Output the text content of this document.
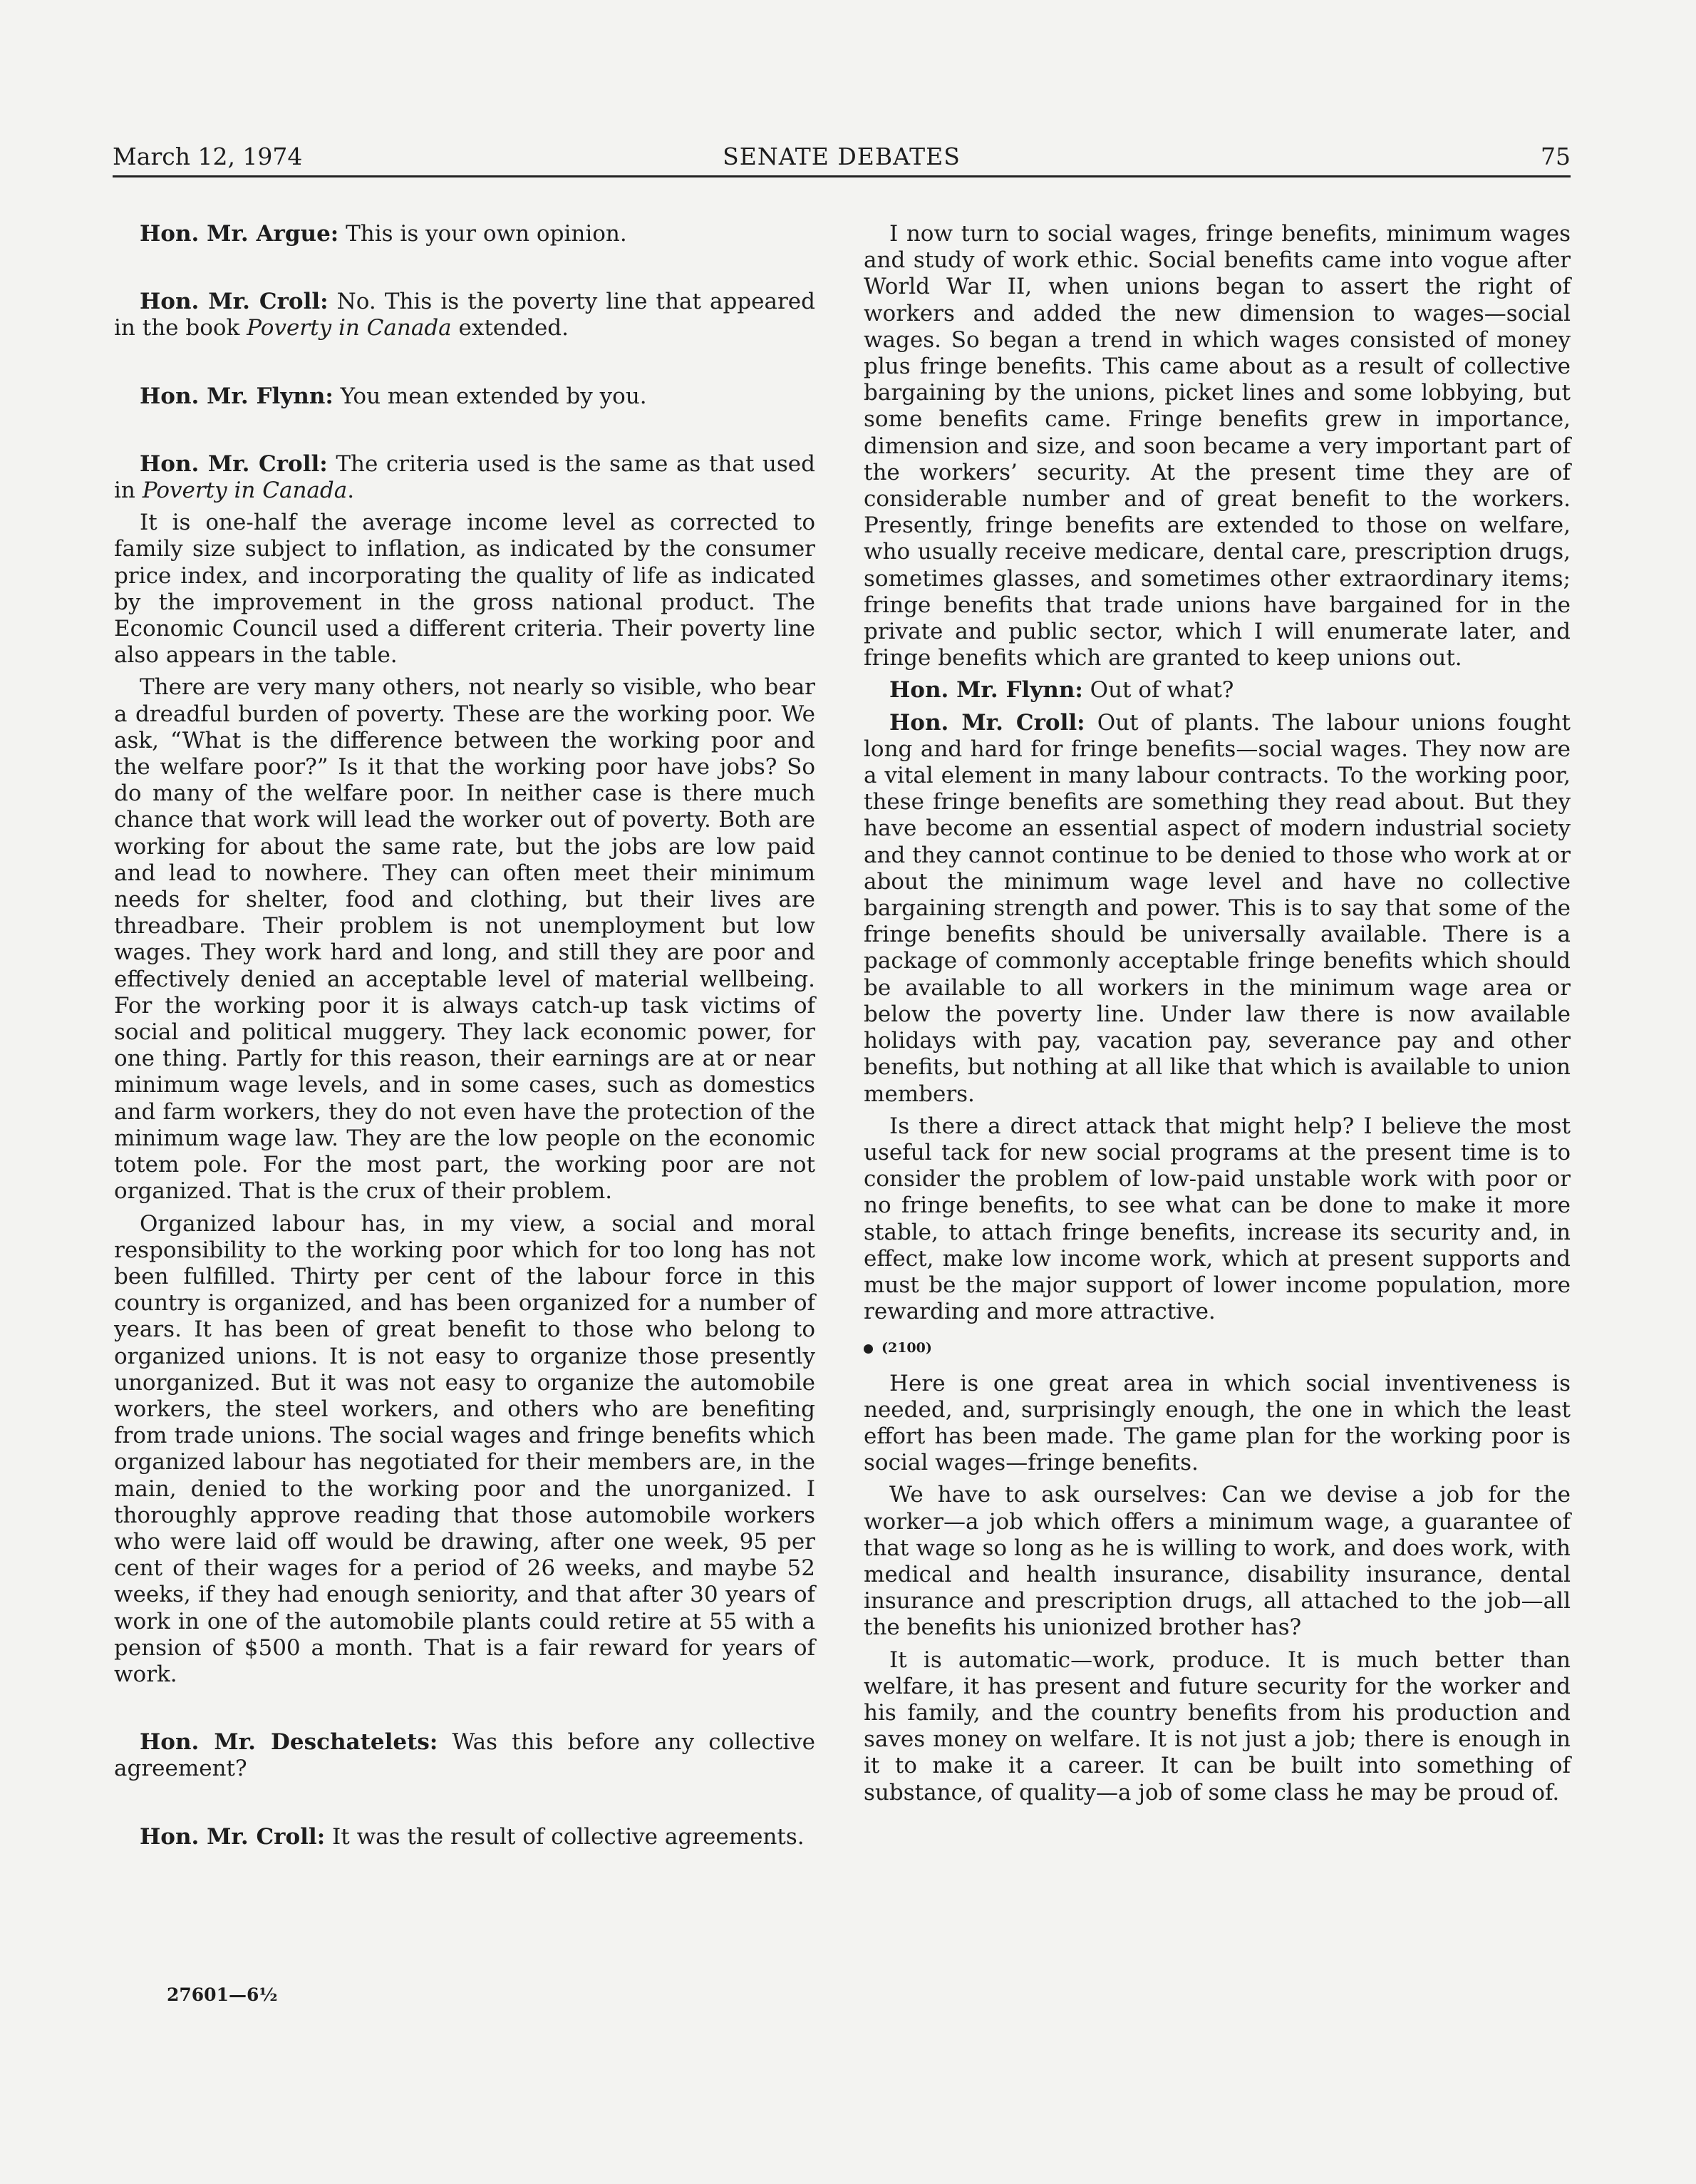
March 12, 1974	SENATE DEBATES	75

Hon. Mr. Argue: This is your own opinion.

Hon. Mr. Croll: No. This is the poverty line that appeared in the book Poverty in Canada extended.

Hon. Mr. Flynn: You mean extended by you.

Hon. Mr. Croll: The criteria used is the same as that used in Poverty in Canada.

It is one-half the average income level as corrected to family size subject to inflation, as indicated by the consumer price index, and incorporating the quality of life as indicated by the improvement in the gross national product. The Economic Council used a different criteria. Their poverty line also appears in the table.

There are very many others, not nearly so visible, who bear a dreadful burden of poverty. These are the working poor. We ask, “What is the difference between the working poor and the welfare poor?” Is it that the working poor have jobs? So do many of the welfare poor. In neither case is there much chance that work will lead the worker out of poverty. Both are working for about the same rate, but the jobs are low paid and lead to nowhere. They can often meet their minimum needs for shelter, food and clothing, but their lives are threadbare. Their problem is not unemployment but low wages. They work hard and long, and still they are poor and effectively denied an acceptable level of material wellbeing. For the working poor it is always catch-up task victims of social and political muggery. They lack economic power, for one thing. Partly for this reason, their earnings are at or near minimum wage levels, and in some cases, such as domestics and farm workers, they do not even have the protection of the minimum wage law. They are the low people on the economic totem pole. For the most part, the working poor are not organized. That is the crux of their problem.

Organized labour has, in my view, a social and moral responsibility to the working poor which for too long has not been fulfilled. Thirty per cent of the labour force in this country is organized, and has been organized for a number of years. It has been of great benefit to those who belong to organized unions. It is not easy to organize those presently unorganized. But it was not easy to organize the automobile workers, the steel workers, and others who are benefiting from trade unions. The social wages and fringe benefits which organized labour has negotiated for their members are, in the main, denied to the working poor and the unorganized. I thoroughly approve reading that those automobile workers who were laid off would be drawing, after one week, 95 per cent of their wages for a period of 26 weeks, and maybe 52 weeks, if they had enough seniority, and that after 30 years of work in one of the automobile plants could retire at 55 with a pension of $500 a month. That is a fair reward for years of work.

Hon. Mr. Deschatelets: Was this before any collective agreement?

Hon. Mr. Croll: It was the result of collective agreements.

I now turn to social wages, fringe benefits, minimum wages and study of work ethic. Social benefits came into vogue after World War II, when unions began to assert the right of workers and added the new dimension to wages—social wages. So began a trend in which wages consisted of money plus fringe benefits. This came about as a result of collective bargaining by the unions, picket lines and some lobbying, but some benefits came. Fringe benefits grew in importance, dimension and size, and soon became a very important part of the workers’ security. At the present time they are of considerable number and of great benefit to the workers. Presently, fringe benefits are extended to those on welfare, who usually receive medicare, dental care, prescription drugs, sometimes glasses, and sometimes other extraordinary items; fringe benefits that trade unions have bargained for in the private and public sector, which I will enumerate later, and fringe benefits which are granted to keep unions out.

Hon. Mr. Flynn: Out of what?

Hon. Mr. Croll: Out of plants. The labour unions fought long and hard for fringe benefits—social wages. They now are a vital element in many labour contracts. To the working poor, these fringe benefits are something they read about. But they have become an essential aspect of modern industrial society and they cannot continue to be denied to those who work at or about the minimum wage level and have no collective bargaining strength and power. This is to say that some of the fringe benefits should be universally available. There is a package of commonly acceptable fringe benefits which should be available to all workers in the minimum wage area or below the poverty line. Under law there is now available holidays with pay, vacation pay, severance pay and other benefits, but nothing at all like that which is available to union members.

Is there a direct attack that might help? I believe the most useful tack for new social programs at the present time is to consider the problem of low-paid unstable work with poor or no fringe benefits, to see what can be done to make it more stable, to attach fringe benefits, increase its security and, in effect, make low income work, which at present supports and must be the major support of lower income population, more rewarding and more attractive.

(2100)

Here is one great area in which social inventiveness is needed, and, surprisingly enough, the one in which the least effort has been made. The game plan for the working poor is social wages—fringe benefits.

We have to ask ourselves: Can we devise a job for the worker—a job which offers a minimum wage, a guarantee of that wage so long as he is willing to work, and does work, with medical and health insurance, disability insurance, dental insurance and prescription drugs, all attached to the job—all the benefits his unionized brother has?

It is automatic—work, produce. It is much better than welfare, it has present and future security for the worker and his family, and the country benefits from his production and saves money on welfare. It is not just a job; there is enough in it to make it a career. It can be built into something of substance, of quality—a job of some class he may be proud of.

27601—6½
